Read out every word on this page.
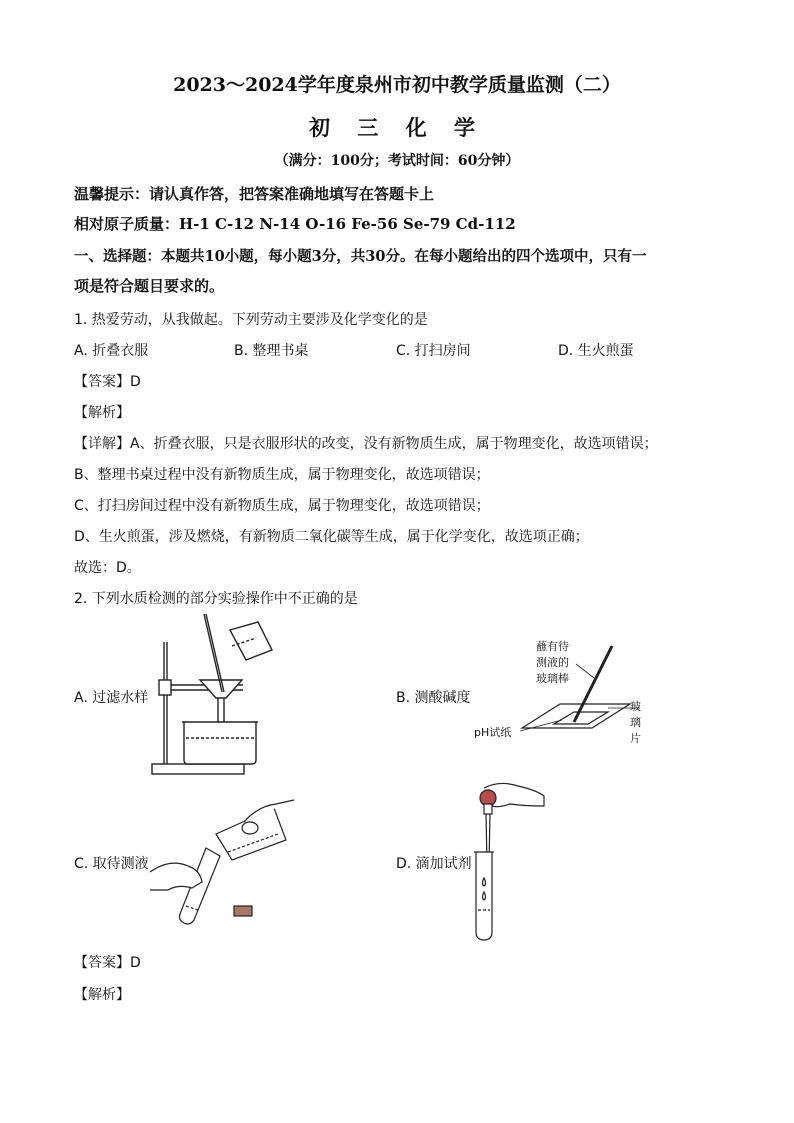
2023～2024学年度泉州市初中教学质量监测（二）
初 三 化 学
（满分：100分；考试时间：60分钟）
温馨提示：请认真作答，把答案准确地填写在答题卡上
相对原子质量：H-1 C-12 N-14 O-16 Fe-56 Se-79 Cd-112
一、选择题：本题共10小题，每小题3分，共30分。在每小题给出的四个选项中，只有一
项是符合题目要求的。
1. 热爱劳动，从我做起。下列劳动主要涉及化学变化的是
A. 折叠衣服	B. 整理书桌	C. 打扫房间	D. 生火煎蛋
【答案】D
【解析】
【详解】A、折叠衣服，只是衣服形状的改变，没有新物质生成，属于物理变化，故选项错误；
B、整理书桌过程中没有新物质生成，属于物理变化，故选项错误；
C、打扫房间过程中没有新物质生成，属于物理变化，故选项错误；
D、生火煎蛋，涉及燃烧，有新物质二氧化碳等生成，属于化学变化，故选项正确；
故选：D。
2. 下列水质检测的部分实验操作中不正确的是
A. 过滤水样	B. 测酸碱度
C. 取待测液	D. 滴加试剂
蘸有待
测液的
玻璃棒
pH试纸
玻
璃
片
【答案】D
【解析】
